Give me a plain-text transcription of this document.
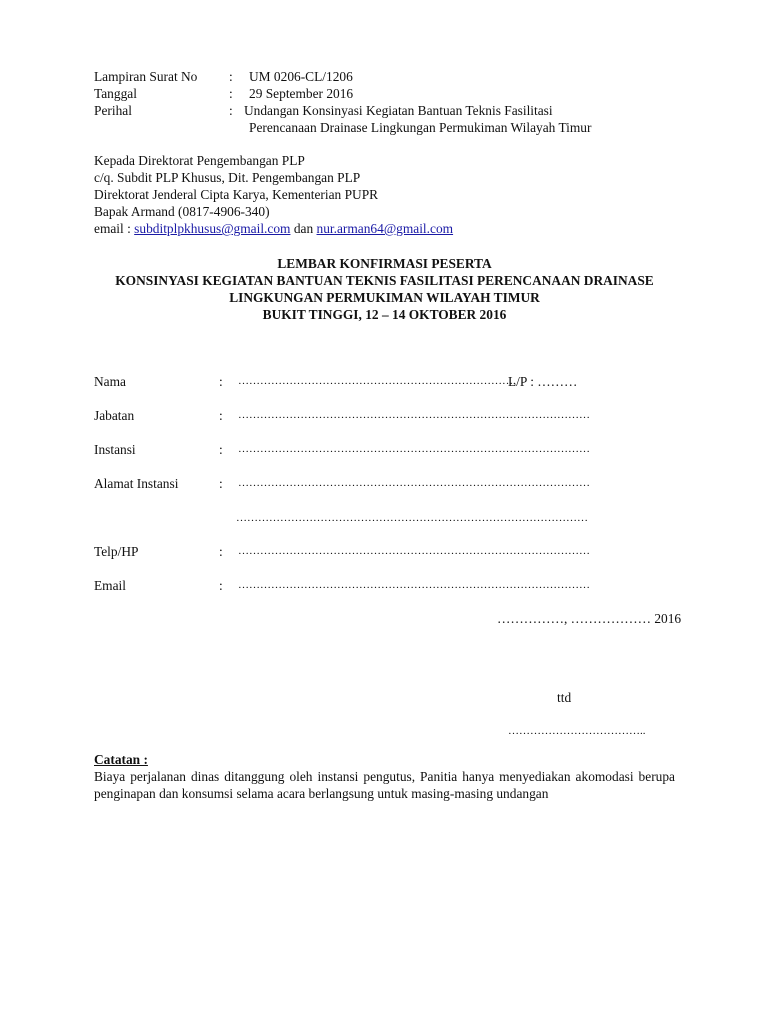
Lampiran Surat No : UM 0206-CL/1206
Tanggal	: 29 September 2016
Perihal	: Undangan Konsinyasi Kegiatan Bantuan Teknis Fasilitasi
Perencanaan Drainase Lingkungan Permukiman Wilayah Timur
Kepada Direktorat Pengembangan PLP
c/q. Subdit PLP Khusus, Dit. Pengembangan PLP
Direktorat Jenderal Cipta Karya, Kementerian PUPR
Bapak Armand (0817-4906-340)
email : subditplpkhusus@gmail.com dan nur.arman64@gmail.com
LEMBAR KONFIRMASI PESERTA
KONSINYASI KEGIATAN BANTUAN TEKNIS FASILITASI PERENCANAAN DRAINASE
LINGKUNGAN PERMUKIMAN WILAYAH TIMUR
BUKIT TINGGI, 12 – 14 OKTOBER 2016
Nama	: ………………………………………………………………….
L/P : ………
Jabatan	: ……………………………………………………………………………………
Instansi	: ……………………………………………………………………………………
Alamat Instansi	: ……………………………………………………………………………………
……………………………………………………………………………………
Telp/HP	: ……………………………………………………………………………………
Email	: ……………………………………………………………………………………
……………, ……………… 2016
ttd
………………………………..
Catatan :
Biaya perjalanan dinas ditanggung oleh instansi pengutus, Panitia hanya menyediakan akomodasi berupa penginapan dan konsumsi selama acara berlangsung untuk masing-masing undangan
